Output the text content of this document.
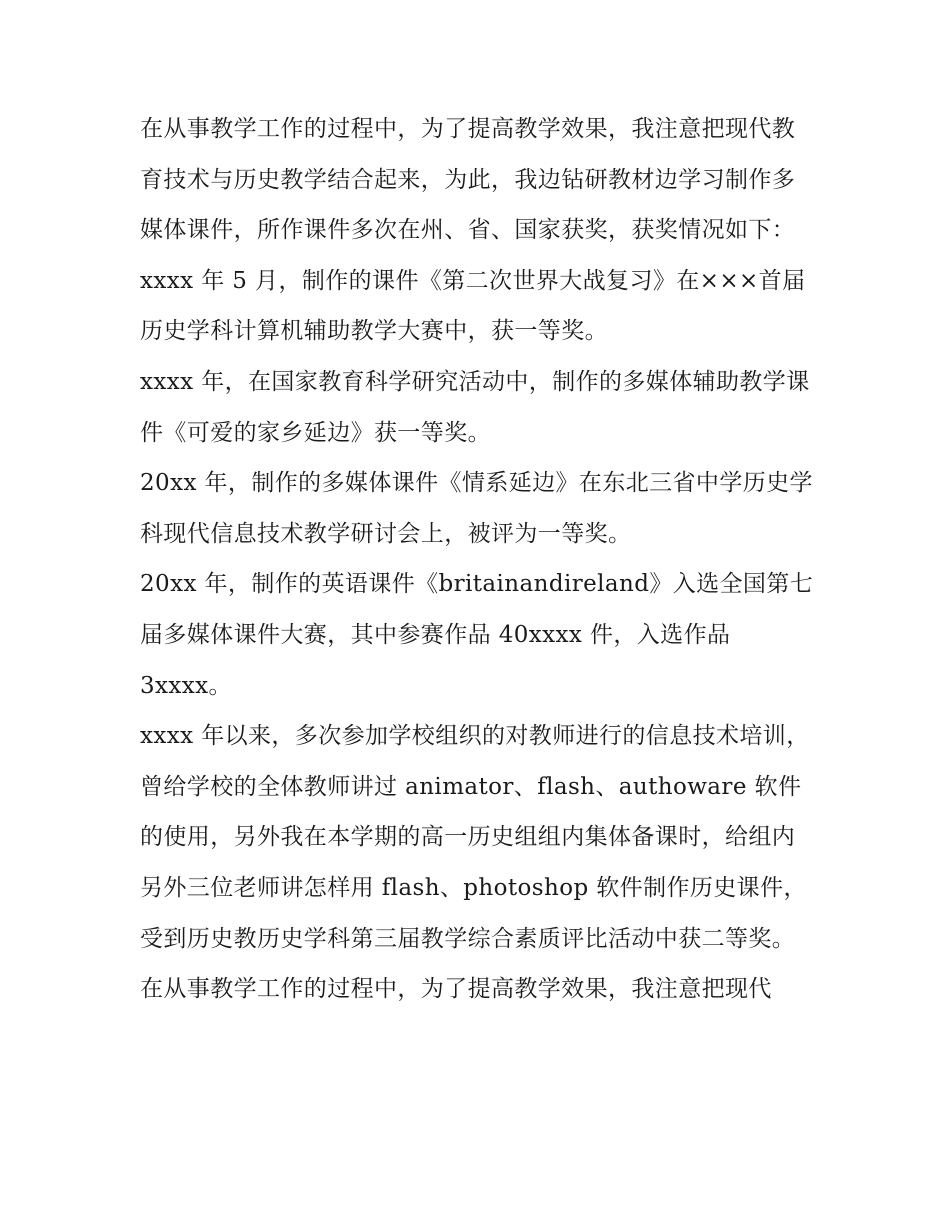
在从事教学工作的过程中，为了提高教学效果，我注意把现代教育技术与历史教学结合起来，为此，我边钻研教材边学习制作多媒体课件，所作课件多次在州、省、国家获奖，获奖情况如下：

xxxx 年 5 月，制作的课件《第二次世界大战复习》在×××首届历史学科计算机辅助教学大赛中，获一等奖。

xxxx 年，在国家教育科学研究活动中，制作的多媒体辅助教学课件《可爱的家乡延边》获一等奖。

20xx 年，制作的多媒体课件《情系延边》在东北三省中学历史学科现代信息技术教学研讨会上，被评为一等奖。

20xx 年，制作的英语课件《britainandireland》入选全国第七届多媒体课件大赛，其中参赛作品 40xxxx 件，入选作品 3xxxx。

xxxx 年以来，多次参加学校组织的对教师进行的信息技术培训，曾给学校的全体教师讲过 animator、flash、authoware 软件的使用，另外我在本学期的高一历史组组内集体备课时，给组内另外三位老师讲怎样用 flash、photoshop 软件制作历史课件，受到历史教历史学科第三届教学综合素质评比活动中获二等奖。

在从事教学工作的过程中，为了提高教学效果，我注意把现代
